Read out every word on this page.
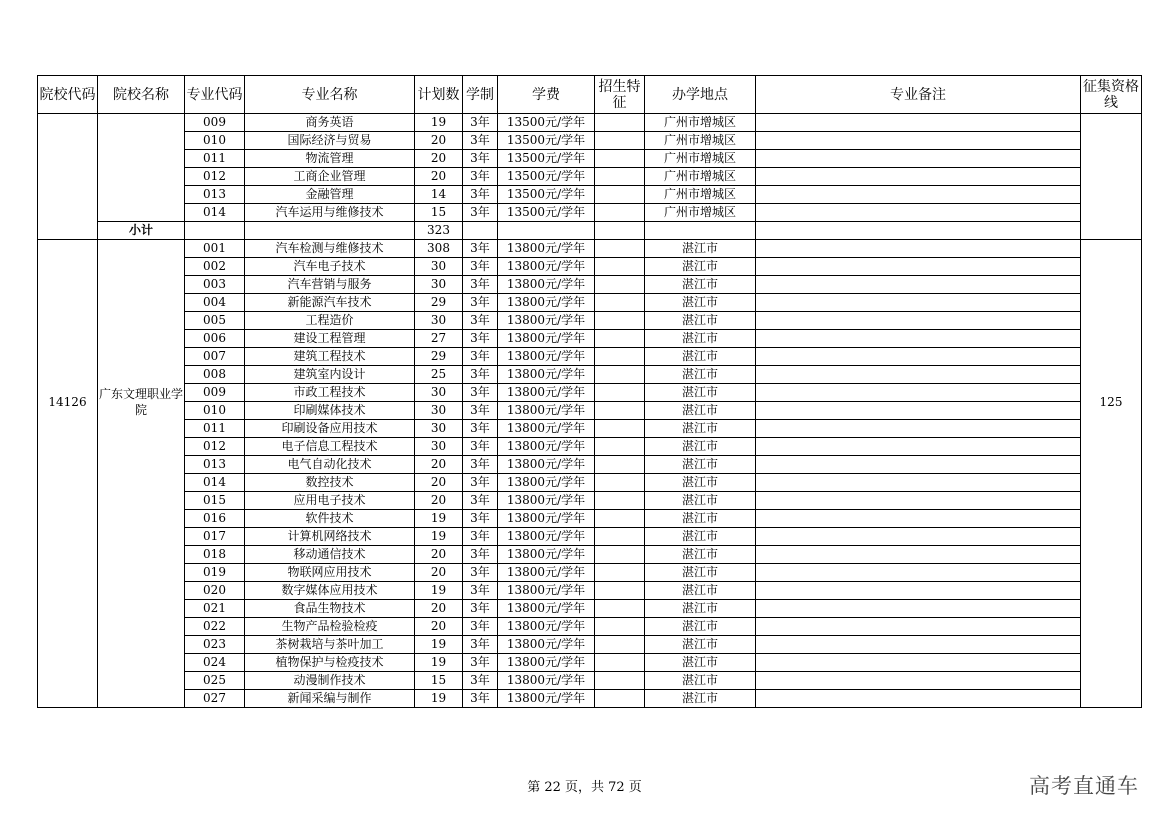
院校代码	院校名称	专业代码	专业名称	计划数	学制	学费	招生特征	办学地点	专业备注	征集资格线
		009	商务英语	19	3年	13500元/学年		广州市增城区		
		010	国际经济与贸易	20	3年	13500元/学年		广州市增城区		
		011	物流管理	20	3年	13500元/学年		广州市增城区		
		012	工商企业管理	20	3年	13500元/学年		广州市增城区		
		013	金融管理	14	3年	13500元/学年		广州市增城区		
		014	汽车运用与维修技术	15	3年	13500元/学年		广州市增城区		
	小计			323						
14126	广东文理职业学院	001	汽车检测与维修技术	308	3年	13800元/学年		湛江市		125
		002	汽车电子技术	30	3年	13800元/学年		湛江市		
		003	汽车营销与服务	30	3年	13800元/学年		湛江市		
		004	新能源汽车技术	29	3年	13800元/学年		湛江市		
		005	工程造价	30	3年	13800元/学年		湛江市		
		006	建设工程管理	27	3年	13800元/学年		湛江市		
		007	建筑工程技术	29	3年	13800元/学年		湛江市		
		008	建筑室内设计	25	3年	13800元/学年		湛江市		
		009	市政工程技术	30	3年	13800元/学年		湛江市		
		010	印刷媒体技术	30	3年	13800元/学年		湛江市		
		011	印刷设备应用技术	30	3年	13800元/学年		湛江市		
		012	电子信息工程技术	30	3年	13800元/学年		湛江市		
		013	电气自动化技术	20	3年	13800元/学年		湛江市		
		014	数控技术	20	3年	13800元/学年		湛江市		
		015	应用电子技术	20	3年	13800元/学年		湛江市		
		016	软件技术	19	3年	13800元/学年		湛江市		
		017	计算机网络技术	19	3年	13800元/学年		湛江市		
		018	移动通信技术	20	3年	13800元/学年		湛江市		
		019	物联网应用技术	20	3年	13800元/学年		湛江市		
		020	数字媒体应用技术	19	3年	13800元/学年		湛江市		
		021	食品生物技术	20	3年	13800元/学年		湛江市		
		022	生物产品检验检疫	20	3年	13800元/学年		湛江市		
		023	茶树栽培与茶叶加工	19	3年	13800元/学年		湛江市		
		024	植物保护与检疫技术	19	3年	13800元/学年		湛江市		
		025	动漫制作技术	15	3年	13800元/学年		湛江市		
		027	新闻采编与制作	19	3年	13800元/学年		湛江市		
第 22 页，共 72 页	高考直通车
